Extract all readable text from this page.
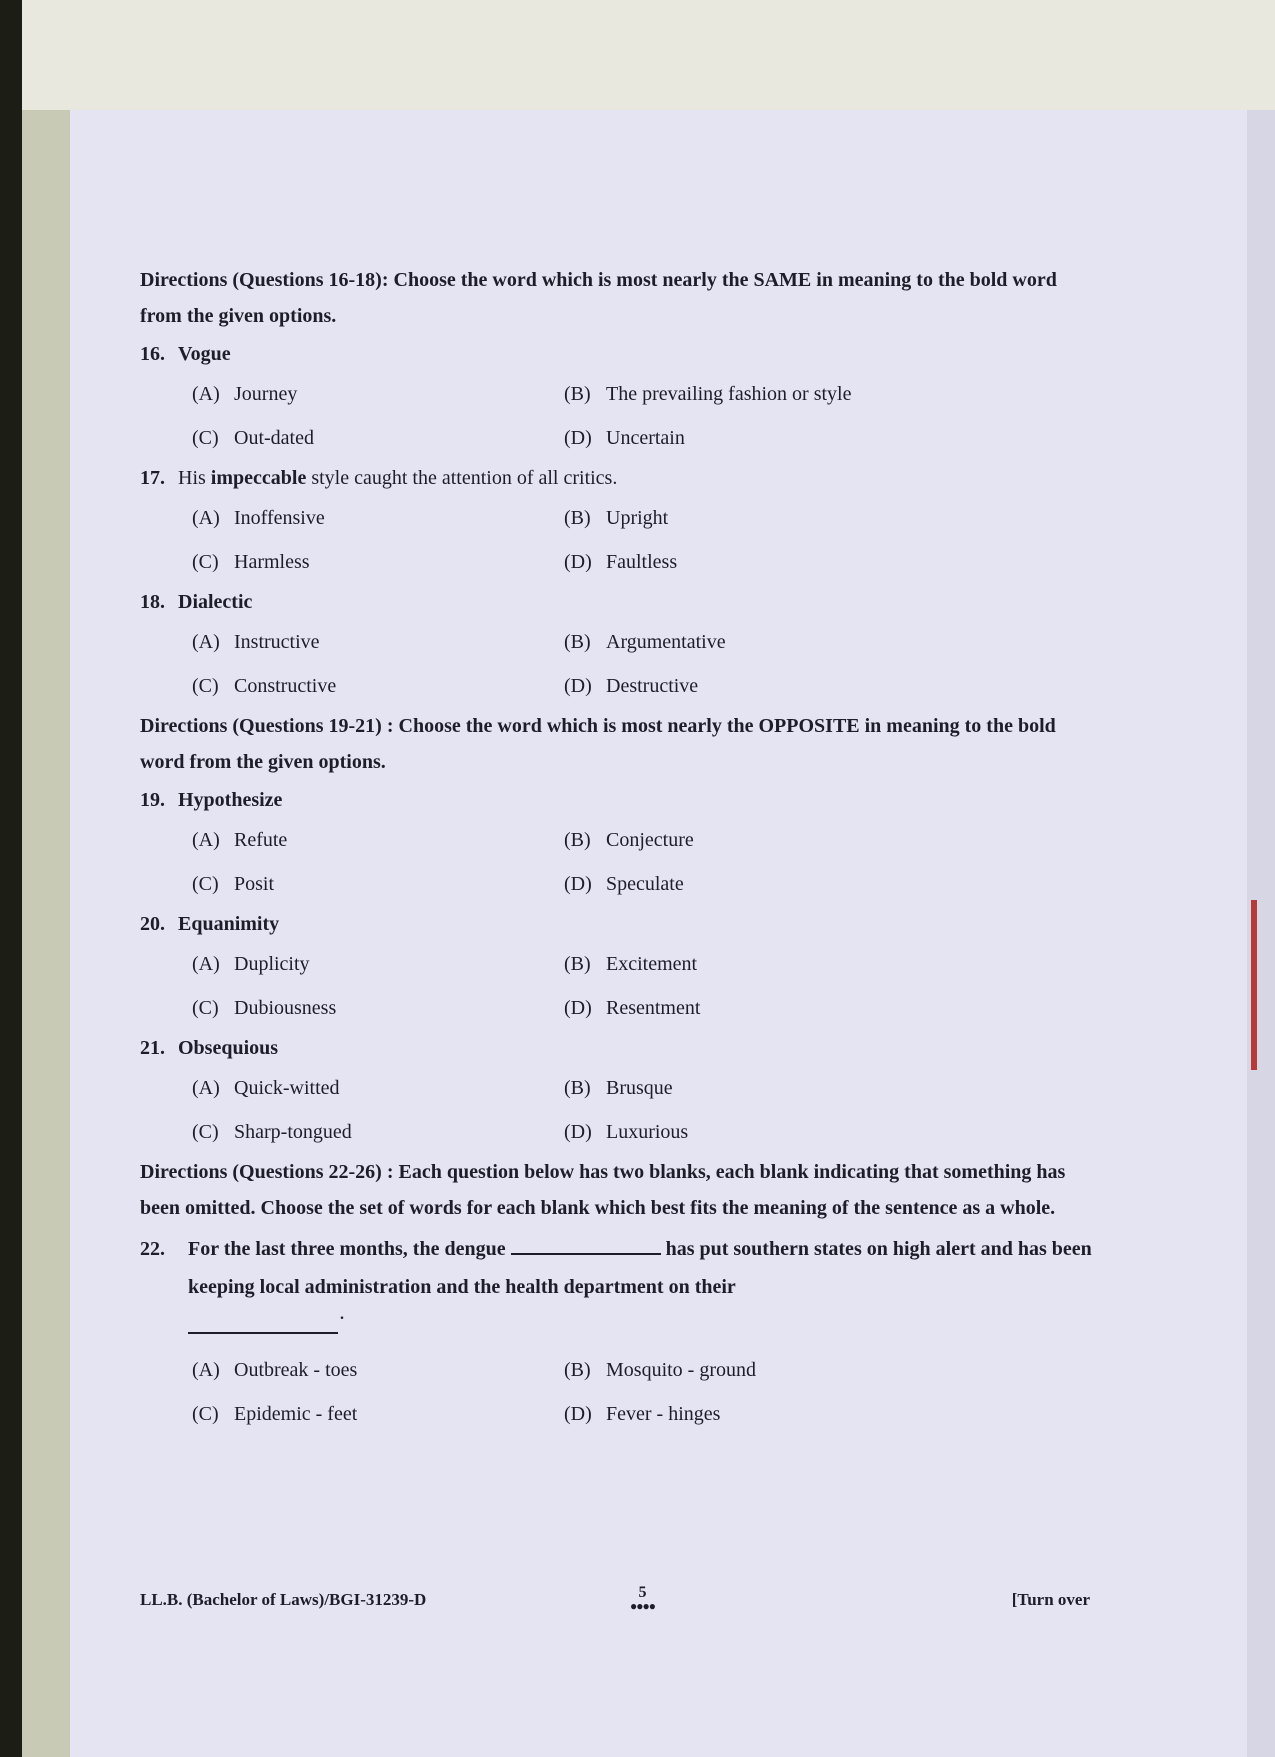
Directions (Questions 16-18): Choose the word which is most nearly the SAME in meaning to the bold word from the given options.
16. Vogue
(A) Journey	(B) The prevailing fashion or style
(C) Out-dated	(D) Uncertain
17. His impeccable style caught the attention of all critics.
(A) Inoffensive	(B) Upright
(C) Harmless	(D) Faultless
18. Dialectic
(A) Instructive	(B) Argumentative
(C) Constructive	(D) Destructive
Directions (Questions 19-21) : Choose the word which is most nearly the OPPOSITE in meaning to the bold word from the given options.
19. Hypothesize
(A) Refute	(B) Conjecture
(C) Posit	(D) Speculate
20. Equanimity
(A) Duplicity	(B) Excitement
(C) Dubiousness	(D) Resentment
21. Obsequious
(A) Quick-witted	(B) Brusque
(C) Sharp-tongued	(D) Luxurious
Directions (Questions 22-26) : Each question below has two blanks, each blank indicating that something has been omitted. Choose the set of words for each blank which best fits the meaning of the sentence as a whole.
22. For the last three months, the dengue	has put southern states on high alert and has been keeping local administration and the health department on their
.
(A) Outbreak - toes	(B) Mosquito - ground
(C) Epidemic - feet	(D) Fever - hinges
LL.B. (Bachelor of Laws)/BGI-31239-D	5
●●●●	[Turn over
